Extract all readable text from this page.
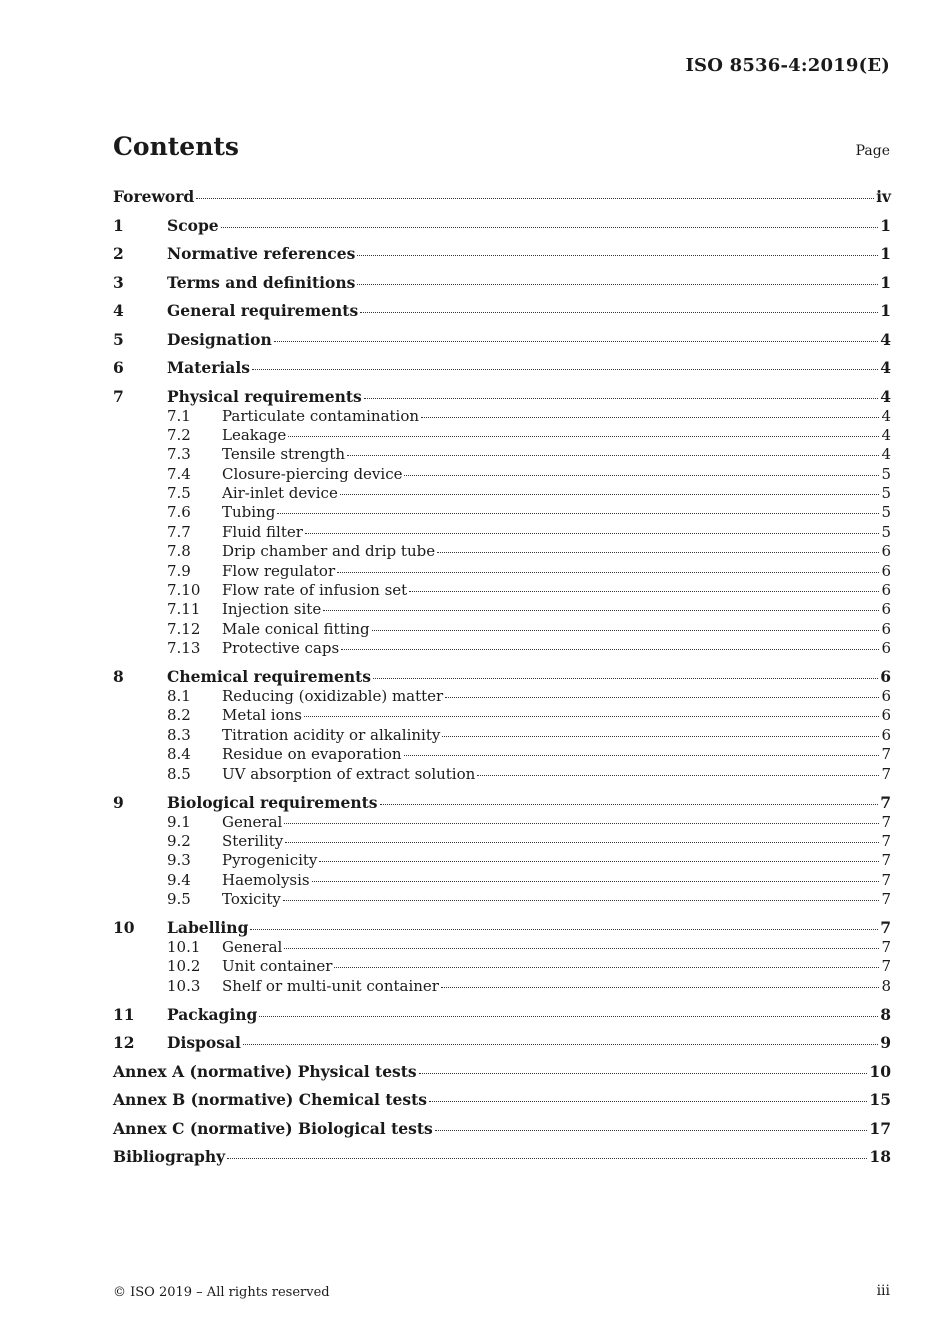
ISO 8536-4:2019(E)
Contents	Page
Foreword	iv
1	Scope	1
2	Normative references	1
3	Terms and definitions	1
4	General requirements	1
5	Designation	4
6	Materials	4
7	Physical requirements	4
7.1	Particulate contamination	4
7.2	Leakage	4
7.3	Tensile strength	4
7.4	Closure-piercing device	5
7.5	Air-inlet device	5
7.6	Tubing	5
7.7	Fluid filter	5
7.8	Drip chamber and drip tube	6
7.9	Flow regulator	6
7.10	Flow rate of infusion set	6
7.11	Injection site	6
7.12	Male conical fitting	6
7.13	Protective caps	6
8	Chemical requirements	6
8.1	Reducing (oxidizable) matter	6
8.2	Metal ions	6
8.3	Titration acidity or alkalinity	6
8.4	Residue on evaporation	7
8.5	UV absorption of extract solution	7
9	Biological requirements	7
9.1	General	7
9.2	Sterility	7
9.3	Pyrogenicity	7
9.4	Haemolysis	7
9.5	Toxicity	7
10	Labelling	7
10.1	General	7
10.2	Unit container	7
10.3	Shelf or multi-unit container	8
11	Packaging	8
12	Disposal	9
Annex A (normative) Physical tests	10
Annex B (normative) Chemical tests	15
Annex C (normative) Biological tests	17
Bibliography	18
© ISO 2019 – All rights reserved	iii
